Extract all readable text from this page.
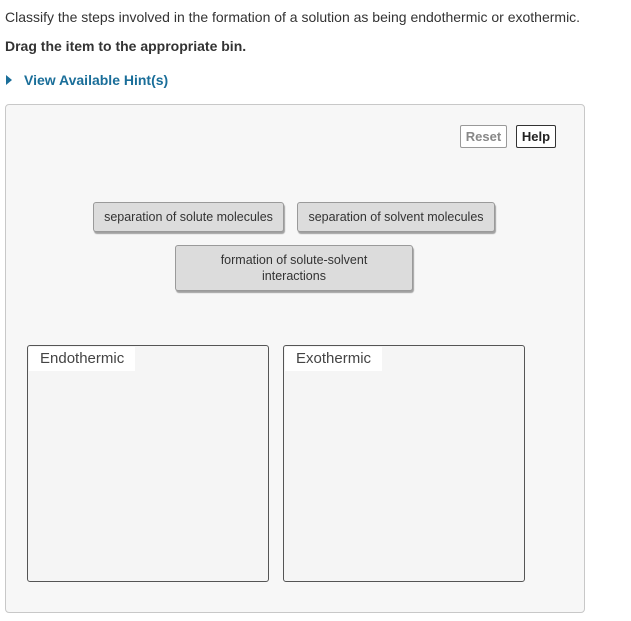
Classify the steps involved in the formation of a solution as being endothermic or exothermic.
Drag the item to the appropriate bin.
View Available Hint(s)
Reset	Help
separation of solute molecules	separation of solvent molecules
formation of solute-solvent interactions
Endothermic	Exothermic
